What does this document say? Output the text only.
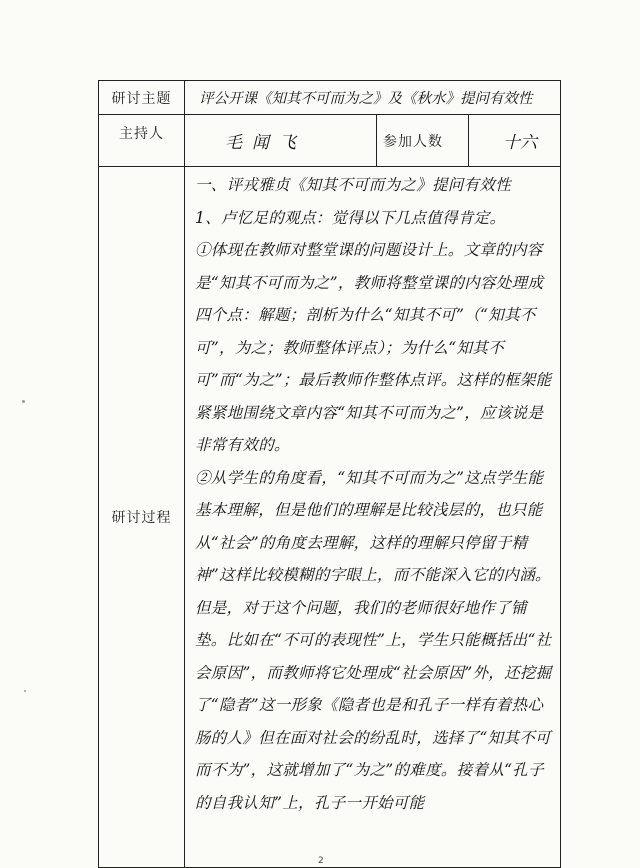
研讨主题	评公开课《知其不可而为之》及《秋水》提问有效性		
主持人	毛闻飞	参加人数	十六
研讨过程	一、评戎雅贞《知其不可而为之》提问有效性

1、卢忆足的观点：觉得以下几点值得肯定。

①体现在教师对整堂课的问题设计上。文章的内容是“知其不可而为之”，教师将整堂课的内容处理成四个点：解题；剖析为什么“知其不可”（“知其不可”，为之；教师整体评点）；为什么“知其不可”而“为之”；最后教师作整体点评。这样的框架能紧紧地围绕文章内容“知其不可而为之”，应该说是非常有效的。

②从学生的角度看，“知其不可而为之”这点学生能基本理解，但是他们的理解是比较浅层的，也只能从“社会”的角度去理解，这样的理解只停留于精神”这样比较模糊的字眼上，而不能深入它的内涵。但是，对于这个问题，我们的老师很好地作了铺垫。比如在“不可的表现性”上，学生只能概括出“社会原因”，而教师将它处理成“社会原因”外，还挖掘了“隐者”这一形象《隐者也是和孔子一样有着热心肠的人》但在面对社会的纷乱时，选择了“知其不可而不为”，这就增加了“为之”的难度。接着从“孔子的自我认知”上，孔子一开始可能		

2
